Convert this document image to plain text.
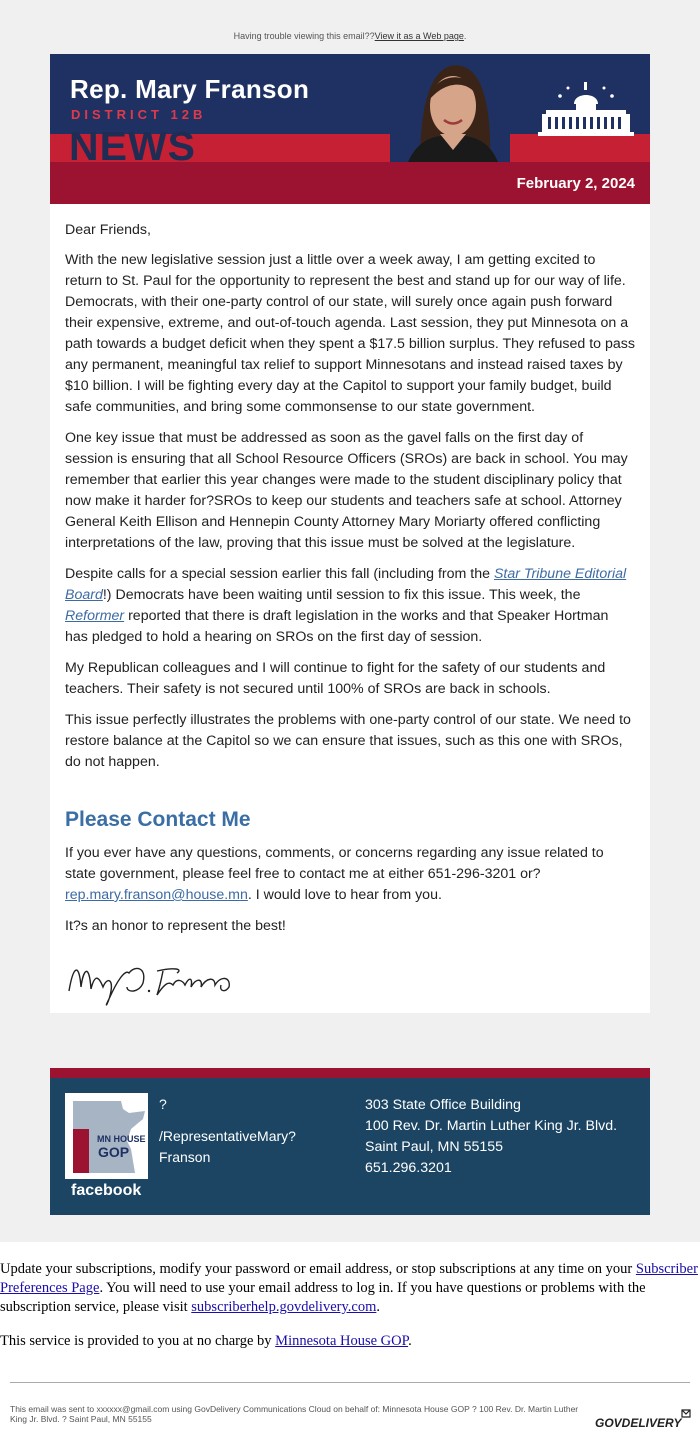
Having trouble viewing this email??View it as a Web page.
Rep. Mary Franson
DISTRICT 12B
NEWS
February 2, 2024

Dear Friends,

With the new legislative session just a little over a week away, I am getting excited to return to St. Paul for the opportunity to represent the best and stand up for our way of life. Democrats, with their one-party control of our state, will surely once again push forward their expensive, extreme, and out-of-touch agenda. Last session, they put Minnesota on a path towards a budget deficit when they spent a $17.5 billion surplus. They refused to pass any permanent, meaningful tax relief to support Minnesotans and instead raised taxes by $10 billion. I will be fighting every day at the Capitol to support your family budget, build safe communities, and bring some commonsense to our state government.

One key issue that must be addressed as soon as the gavel falls on the first day of session is ensuring that all School Resource Officers (SROs) are back in school. You may remember that earlier this year changes were made to the student disciplinary policy that now make it harder for?SROs to keep our students and teachers safe at school. Attorney General Keith Ellison and Hennepin County Attorney Mary Moriarty offered conflicting interpretations of the law, proving that this issue must be solved at the legislature.

Despite calls for a special session earlier this fall (including from the Star Tribune Editorial Board!) Democrats have been waiting until session to fix this issue. This week, the Reformer reported that there is draft legislation in the works and that Speaker Hortman has pledged to hold a hearing on SROs on the first day of session.

My Republican colleagues and I will continue to fight for the safety of our students and teachers. Their safety is not secured until 100% of SROs are back in schools.

This issue perfectly illustrates the problems with one-party control of our state. We need to restore balance at the Capitol so we can ensure that issues, such as this one with SROs, do not happen.

Please Contact Me

If you ever have any questions, comments, or concerns regarding any issue related to state government, please feel free to contact me at either 651-296-3201 or?rep.mary.franson@house.mn. I would love to hear from you.

It?s an honor to represent the best!

MN HOUSE
GOP
facebook
?
/RepresentativeMary?Franson
303 State Office Building
100 Rev. Dr. Martin Luther King Jr. Blvd.
Saint Paul, MN 55155
651.296.3201

Update your subscriptions, modify your password or email address, or stop subscriptions at any time on your Subscriber Preferences Page. You will need to use your email address to log in. If you have questions or problems with the subscription service, please visit subscriberhelp.govdelivery.com.

This service is provided to you at no charge by Minnesota House GOP.

This email was sent to xxxxxx@gmail.com using GovDelivery Communications Cloud on behalf of: Minnesota House GOP ? 100 Rev. Dr. Martin Luther King Jr. Blvd. ? Saint Paul, MN 55155	GOVDELIVERY
